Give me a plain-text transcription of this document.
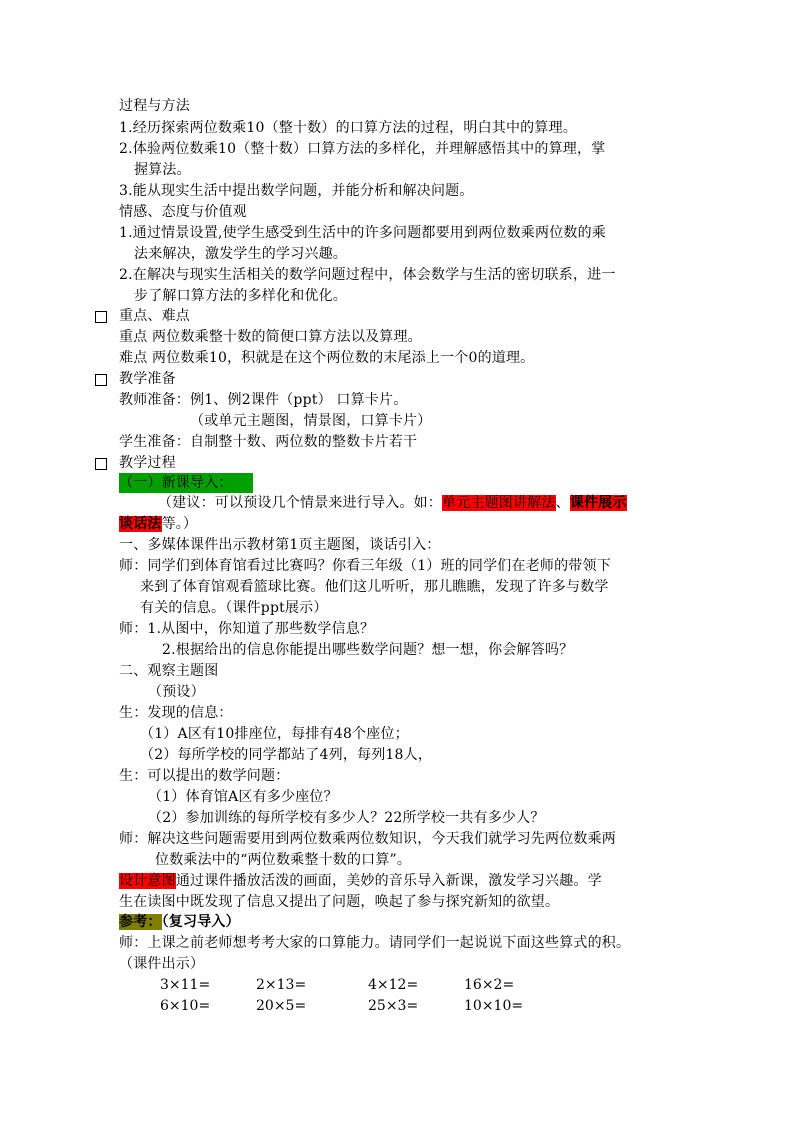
过程与方法
1.经历探索两位数乘10（整十数）的口算方法的过程，明白其中的算理。
2.体验两位数乘10（整十数）口算方法的多样化，并理解感悟其中的算理，掌
握算法。
3.能从现实生活中提出数学问题，并能分析和解决问题。
情感、态度与价值观
1.通过情景设置,使学生感受到生活中的许多问题都要用到两位数乘两位数的乘
法来解决，激发学生的学习兴趣。
2.在解决与现实生活相关的数学问题过程中，体会数学与生活的密切联系，进一
步了解口算方法的多样化和优化。
重点、难点
重点 两位数乘整十数的简便口算方法以及算理。
难点 两位数乘10，积就是在这个两位数的末尾添上一个0的道理。
教学准备
教师准备：例1、例2课件（ppt） 口算卡片。
（或单元主题图，情景图，口算卡片）
学生准备：自制整十数、两位数的整数卡片若干
教学过程
（一）新课导入：
（建议：可以预设几个情景来进行导入。如：单元主题图讲解法、课件展示
谈话法等。）
一、多媒体课件出示教材第1页主题图，谈话引入：
师：同学们到体育馆看过比赛吗？你看三年级（1）班的同学们在老师的带领下
来到了体育馆观看篮球比赛。他们这儿听听，那儿瞧瞧，发现了许多与数学
有关的信息。（课件ppt展示）
师：1.从图中，你知道了那些数学信息？
2.根据给出的信息你能提出哪些数学问题？想一想，你会解答吗？
二、观察主题图
（预设）
生：发现的信息：
（1）A区有10排座位，每排有48个座位；
（2）每所学校的同学都站了4列，每列18人，
生：可以提出的数学问题：
（1）体育馆A区有多少座位？
（2）参加训练的每所学校有多少人？22所学校一共有多少人？
师：解决这些问题需要用到两位数乘两位数知识，今天我们就学习先两位数乘两
位数乘法中的“两位数乘整十数的口算”。
设计意图通过课件播放活泼的画面，美妙的音乐导入新课，激发学习兴趣。学
生在读图中既发现了信息又提出了问题，唤起了参与探究新知的欲望。
参考：（复习导入）
师：上课之前老师想考考大家的口算能力。请同学们一起说说下面这些算式的积。
（课件出示）
3×11=	2×13=	4×12=	16×2=
6×10=	20×5=	25×3=	10×10=
